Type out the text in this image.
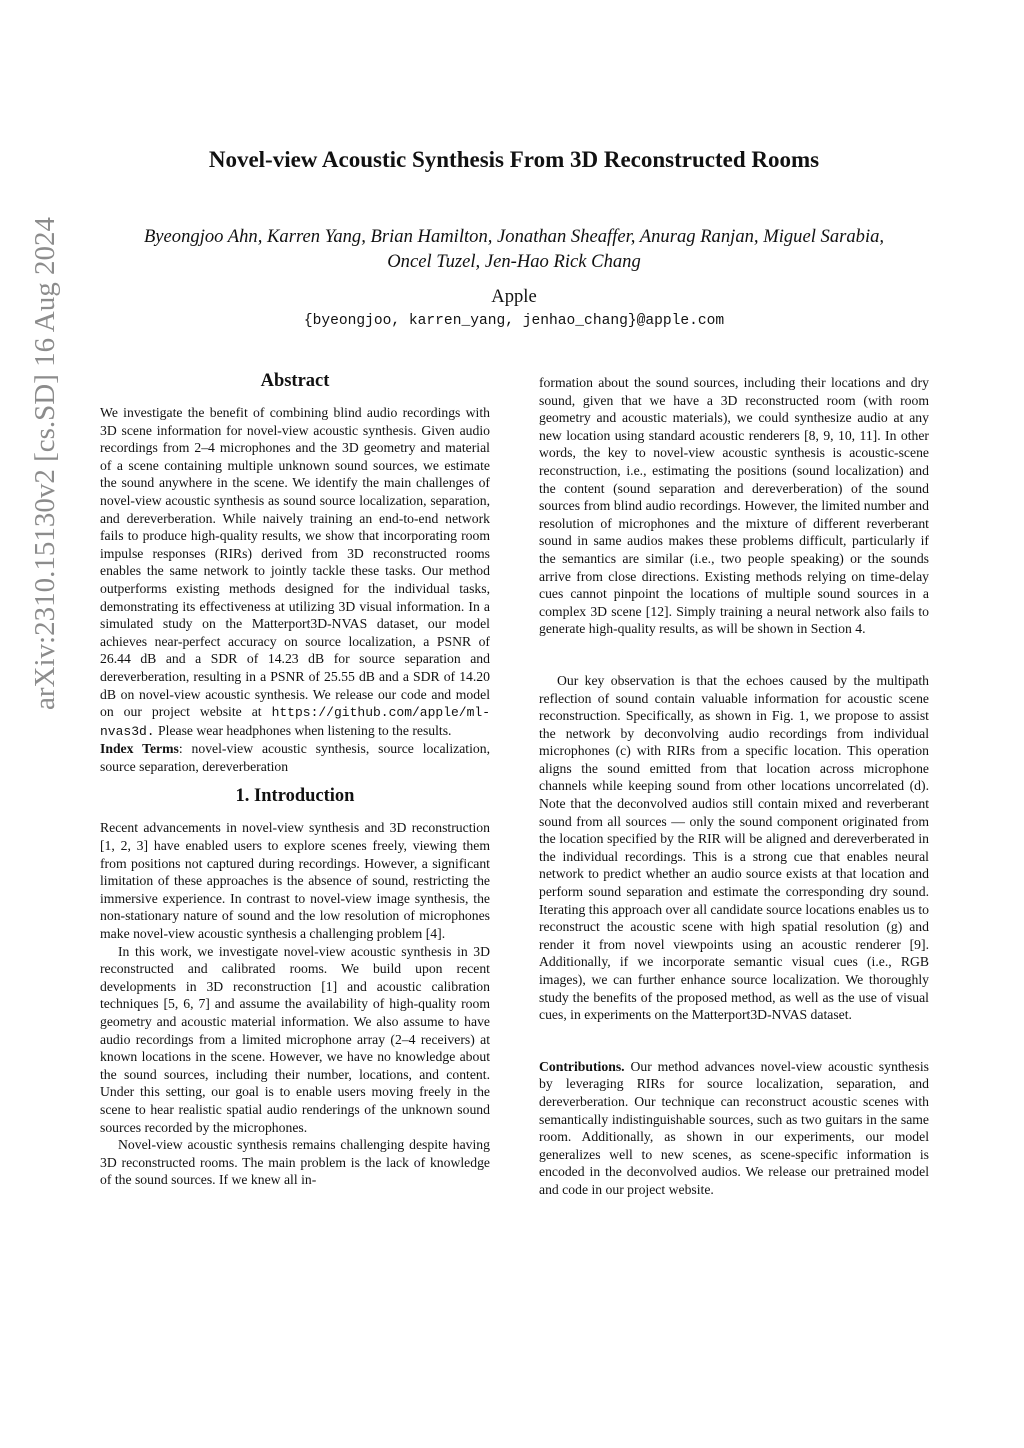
arXiv:2310.15130v2 [cs.SD] 16 Aug 2024
Novel-view Acoustic Synthesis From 3D Reconstructed Rooms
Byeongjoo Ahn, Karren Yang, Brian Hamilton, Jonathan Sheaffer, Anurag Ranjan, Miguel Sarabia,
Oncel Tuzel, Jen-Hao Rick Chang
Apple
{byeongjoo, karren_yang, jenhao_chang}@apple.com
Abstract

We investigate the benefit of combining blind audio recordings with 3D scene information for novel-view acoustic synthesis. Given audio recordings from 2–4 microphones and the 3D geometry and material of a scene containing multiple unknown sound sources, we estimate the sound anywhere in the scene. We identify the main challenges of novel-view acoustic synthesis as sound source localization, separation, and dereverberation. While naively training an end-to-end network fails to produce high-quality results, we show that incorporating room impulse responses (RIRs) derived from 3D reconstructed rooms enables the same network to jointly tackle these tasks. Our method outperforms existing methods designed for the individual tasks, demonstrating its effectiveness at utilizing 3D visual information. In a simulated study on the Matterport3D-NVAS dataset, our model achieves near-perfect accuracy on source localization, a PSNR of 26.44 dB and a SDR of 14.23 dB for source separation and dereverberation, resulting in a PSNR of 25.55 dB and a SDR of 14.20 dB on novel-view acoustic synthesis. We release our code and model on our project website at https://github.com/apple/ml-nvas3d. Please wear headphones when listening to the results.

Index Terms: novel-view acoustic synthesis, source localization, source separation, dereverberation

1. Introduction

Recent advancements in novel-view synthesis and 3D reconstruction [1, 2, 3] have enabled users to explore scenes freely, viewing them from positions not captured during recordings. However, a significant limitation of these approaches is the absence of sound, restricting the immersive experience. In contrast to novel-view image synthesis, the non-stationary nature of sound and the low resolution of microphones make novel-view acoustic synthesis a challenging problem [4].

In this work, we investigate novel-view acoustic synthesis in 3D reconstructed and calibrated rooms. We build upon recent developments in 3D reconstruction [1] and acoustic calibration techniques [5, 6, 7] and assume the availability of high-quality room geometry and acoustic material information. We also assume to have audio recordings from a limited microphone array (2–4 receivers) at known locations in the scene. However, we have no knowledge about the sound sources, including their number, locations, and content. Under this setting, our goal is to enable users moving freely in the scene to hear realistic spatial audio renderings of the unknown sound sources recorded by the microphones.

Novel-view acoustic synthesis remains challenging despite having 3D reconstructed rooms. The main problem is the lack of knowledge of the sound sources. If we knew all in-

formation about the sound sources, including their locations and dry sound, given that we have a 3D reconstructed room (with room geometry and acoustic materials), we could synthesize audio at any new location using standard acoustic renderers [8, 9, 10, 11]. In other words, the key to novel-view acoustic synthesis is acoustic-scene reconstruction, i.e., estimating the positions (sound localization) and the content (sound separation and dereverberation) of the sound sources from blind audio recordings. However, the limited number and resolution of microphones and the mixture of different reverberant sound in same audios makes these problems difficult, particularly if the semantics are similar (i.e., two people speaking) or the sounds arrive from close directions. Existing methods relying on time-delay cues cannot pinpoint the locations of multiple sound sources in a complex 3D scene [12]. Simply training a neural network also fails to generate high-quality results, as will be shown in Section 4.

Our key observation is that the echoes caused by the multipath reflection of sound contain valuable information for acoustic scene reconstruction. Specifically, as shown in Fig. 1, we propose to assist the network by deconvolving audio recordings from individual microphones (c) with RIRs from a specific location. This operation aligns the sound emitted from that location across microphone channels while keeping sound from other locations uncorrelated (d). Note that the deconvolved audios still contain mixed and reverberant sound from all sources — only the sound component originated from the location specified by the RIR will be aligned and dereverberated in the individual recordings. This is a strong cue that enables neural network to predict whether an audio source exists at that location and perform sound separation and estimate the corresponding dry sound. Iterating this approach over all candidate source locations enables us to reconstruct the acoustic scene with high spatial resolution (g) and render it from novel viewpoints using an acoustic renderer [9]. Additionally, if we incorporate semantic visual cues (i.e., RGB images), we can further enhance source localization. We thoroughly study the benefits of the proposed method, as well as the use of visual cues, in experiments on the Matterport3D-NVAS dataset.

Contributions. Our method advances novel-view acoustic synthesis by leveraging RIRs for source localization, separation, and dereverberation. Our technique can reconstruct acoustic scenes with semantically indistinguishable sources, such as two guitars in the same room. Additionally, as shown in our experiments, our model generalizes well to new scenes, as scene-specific information is encoded in the deconvolved audios. We release our pretrained model and code in our project website.
